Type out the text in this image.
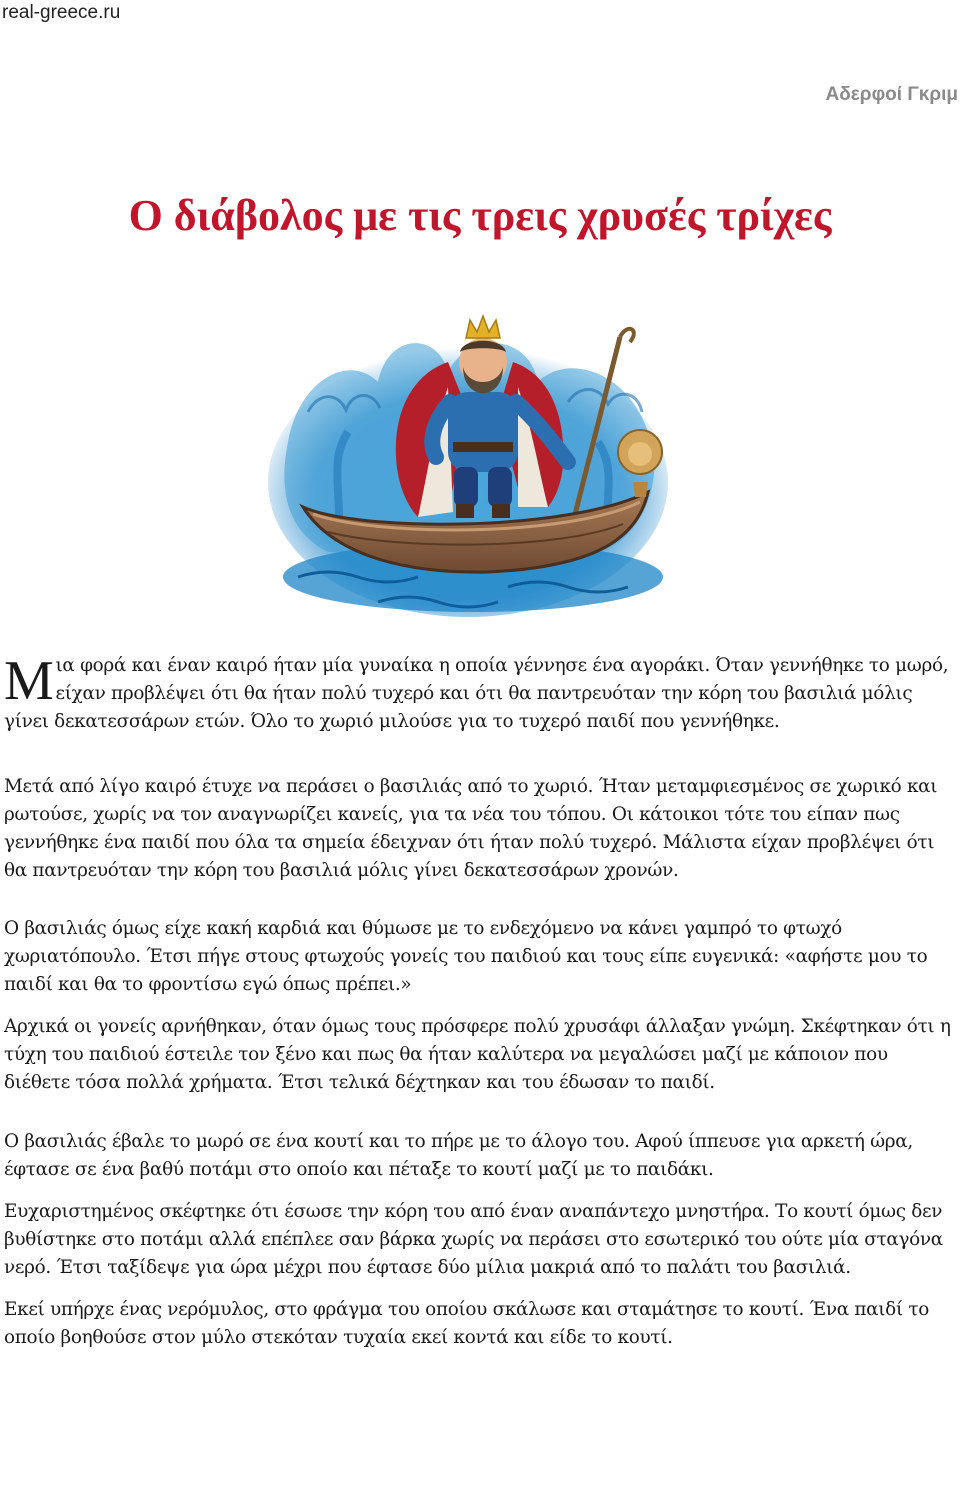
real-greece.ru
Αδερφοί Γκριμ
Ο διάβολος με τις τρεις χρυσές τρίχες

Μια φορά και έναν καιρό ήταν μία γυναίκα η οποία γέννησε ένα αγοράκι. Όταν γεννήθηκε το μωρό, είχαν προβλέψει ότι θα ήταν πολύ τυχερό και ότι θα παντρευόταν την κόρη του βασιλιά μόλις γίνει δεκατεσσάρων ετών. Όλο το χωριό μιλούσε για το τυχερό παιδί που γεννήθηκε.

Μετά από λίγο καιρό έτυχε να περάσει ο βασιλιάς από το χωριό. Ήταν μεταμφιεσμένος σε χωρικό και ρωτούσε, χωρίς να τον αναγνωρίζει κανείς, για τα νέα του τόπου. Οι κάτοικοι τότε του είπαν πως γεννήθηκε ένα παιδί που όλα τα σημεία έδειχναν ότι ήταν πολύ τυχερό. Μάλιστα είχαν προβλέψει ότι θα παντρευόταν την κόρη του βασιλιά μόλις γίνει δεκατεσσάρων χρονών.

Ο βασιλιάς όμως είχε κακή καρδιά και θύμωσε με το ενδεχόμενο να κάνει γαμπρό το φτωχό χωριατόπουλο. Έτσι πήγε στους φτωχούς γονείς του παιδιού και τους είπε ευγενικά: «αφήστε μου το παιδί και θα το φροντίσω εγώ όπως πρέπει.»

Αρχικά οι γονείς αρνήθηκαν, όταν όμως τους πρόσφερε πολύ χρυσάφι άλλαξαν γνώμη. Σκέφτηκαν ότι η τύχη του παιδιού έστειλε τον ξένο και πως θα ήταν καλύτερα να μεγαλώσει μαζί με κάποιον που διέθετε τόσα πολλά χρήματα. Έτσι τελικά δέχτηκαν και του έδωσαν το παιδί.

Ο βασιλιάς έβαλε το μωρό σε ένα κουτί και το πήρε με το άλογο του. Αφού ίππευσε για αρκετή ώρα, έφτασε σε ένα βαθύ ποτάμι στο οποίο και πέταξε το κουτί μαζί με το παιδάκι.

Ευχαριστημένος σκέφτηκε ότι έσωσε την κόρη του από έναν αναπάντεχο μνηστήρα. Το κουτί όμως δεν βυθίστηκε στο ποτάμι αλλά επέπλεε σαν βάρκα χωρίς να περάσει στο εσωτερικό του ούτε μία σταγόνα νερό. Έτσι ταξίδεψε για ώρα μέχρι που έφτασε δύο μίλια μακριά από το παλάτι του βασιλιά.

Εκεί υπήρχε ένας νερόμυλος, στο φράγμα του οποίου σκάλωσε και σταμάτησε το κουτί. Ένα παιδί το οποίο βοηθούσε στον μύλο στεκόταν τυχαία εκεί κοντά και είδε το κουτί.
